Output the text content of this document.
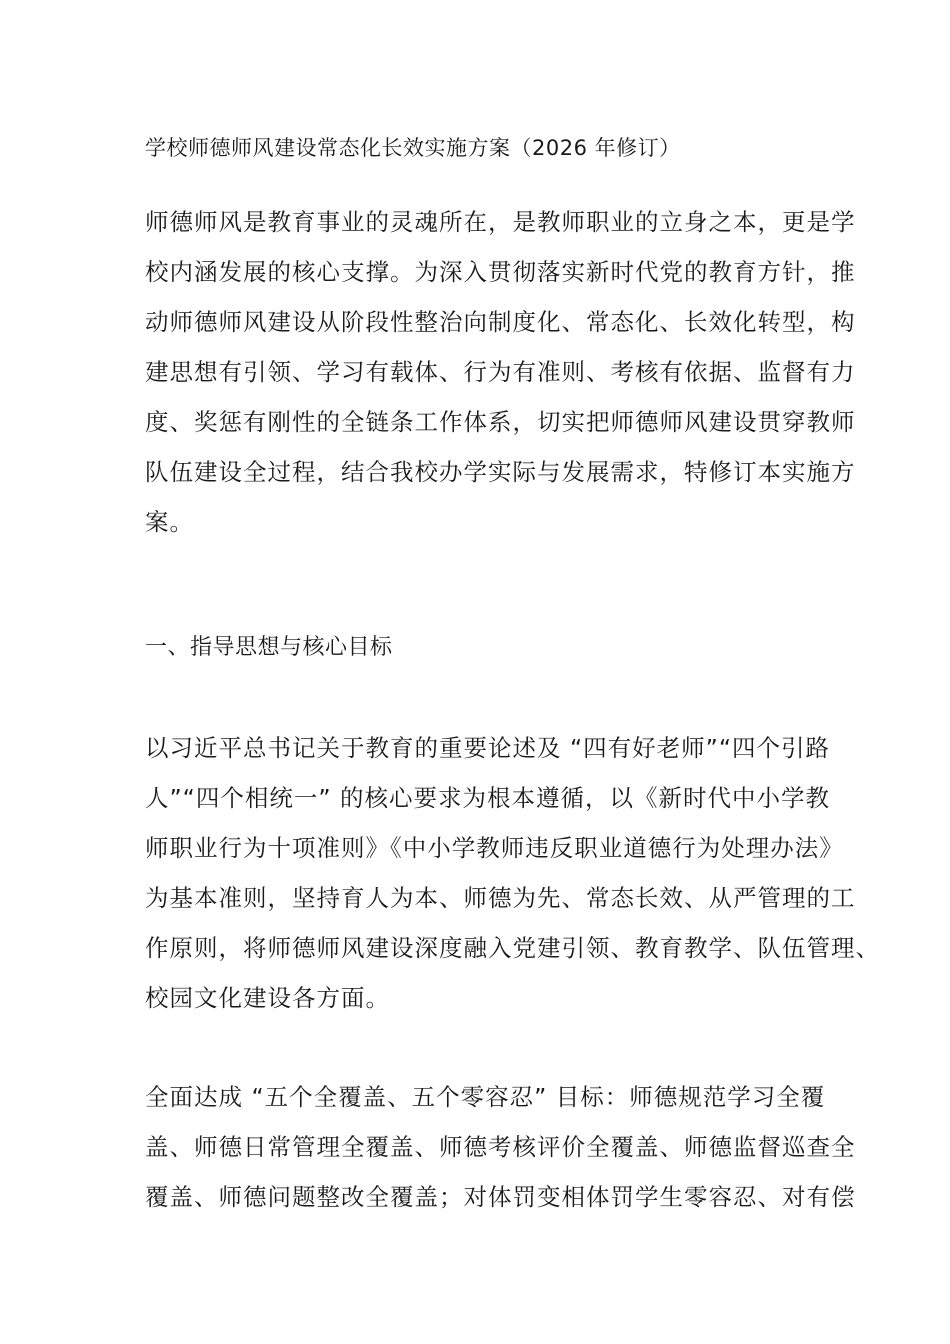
学校师德师风建设常态化长效实施方案（2026 年修订）
师德师风是教育事业的灵魂所在，是教师职业的立身之本，更是学
校内涵发展的核心支撑。为深入贯彻落实新时代党的教育方针，推
动师德师风建设从阶段性整治向制度化、常态化、长效化转型，构
建思想有引领、学习有载体、行为有准则、考核有依据、监督有力
度、奖惩有刚性的全链条工作体系，切实把师德师风建设贯穿教师
队伍建设全过程，结合我校办学实际与发展需求，特修订本实施方
案。
一、指导思想与核心目标
以习近平总书记关于教育的重要论述及 “四有好老师”“四个引路
人”“四个相统一” 的核心要求为根本遵循，以《新时代中小学教
师职业行为十项准则》《中小学教师违反职业道德行为处理办法》
为基本准则，坚持育人为本、师德为先、常态长效、从严管理的工
作原则，将师德师风建设深度融入党建引领、教育教学、队伍管理、
校园文化建设各方面。
全面达成 “五个全覆盖、五个零容忍” 目标：师德规范学习全覆
盖、师德日常管理全覆盖、师德考核评价全覆盖、师德监督巡查全
覆盖、师德问题整改全覆盖；对体罚变相体罚学生零容忍、对有偿
